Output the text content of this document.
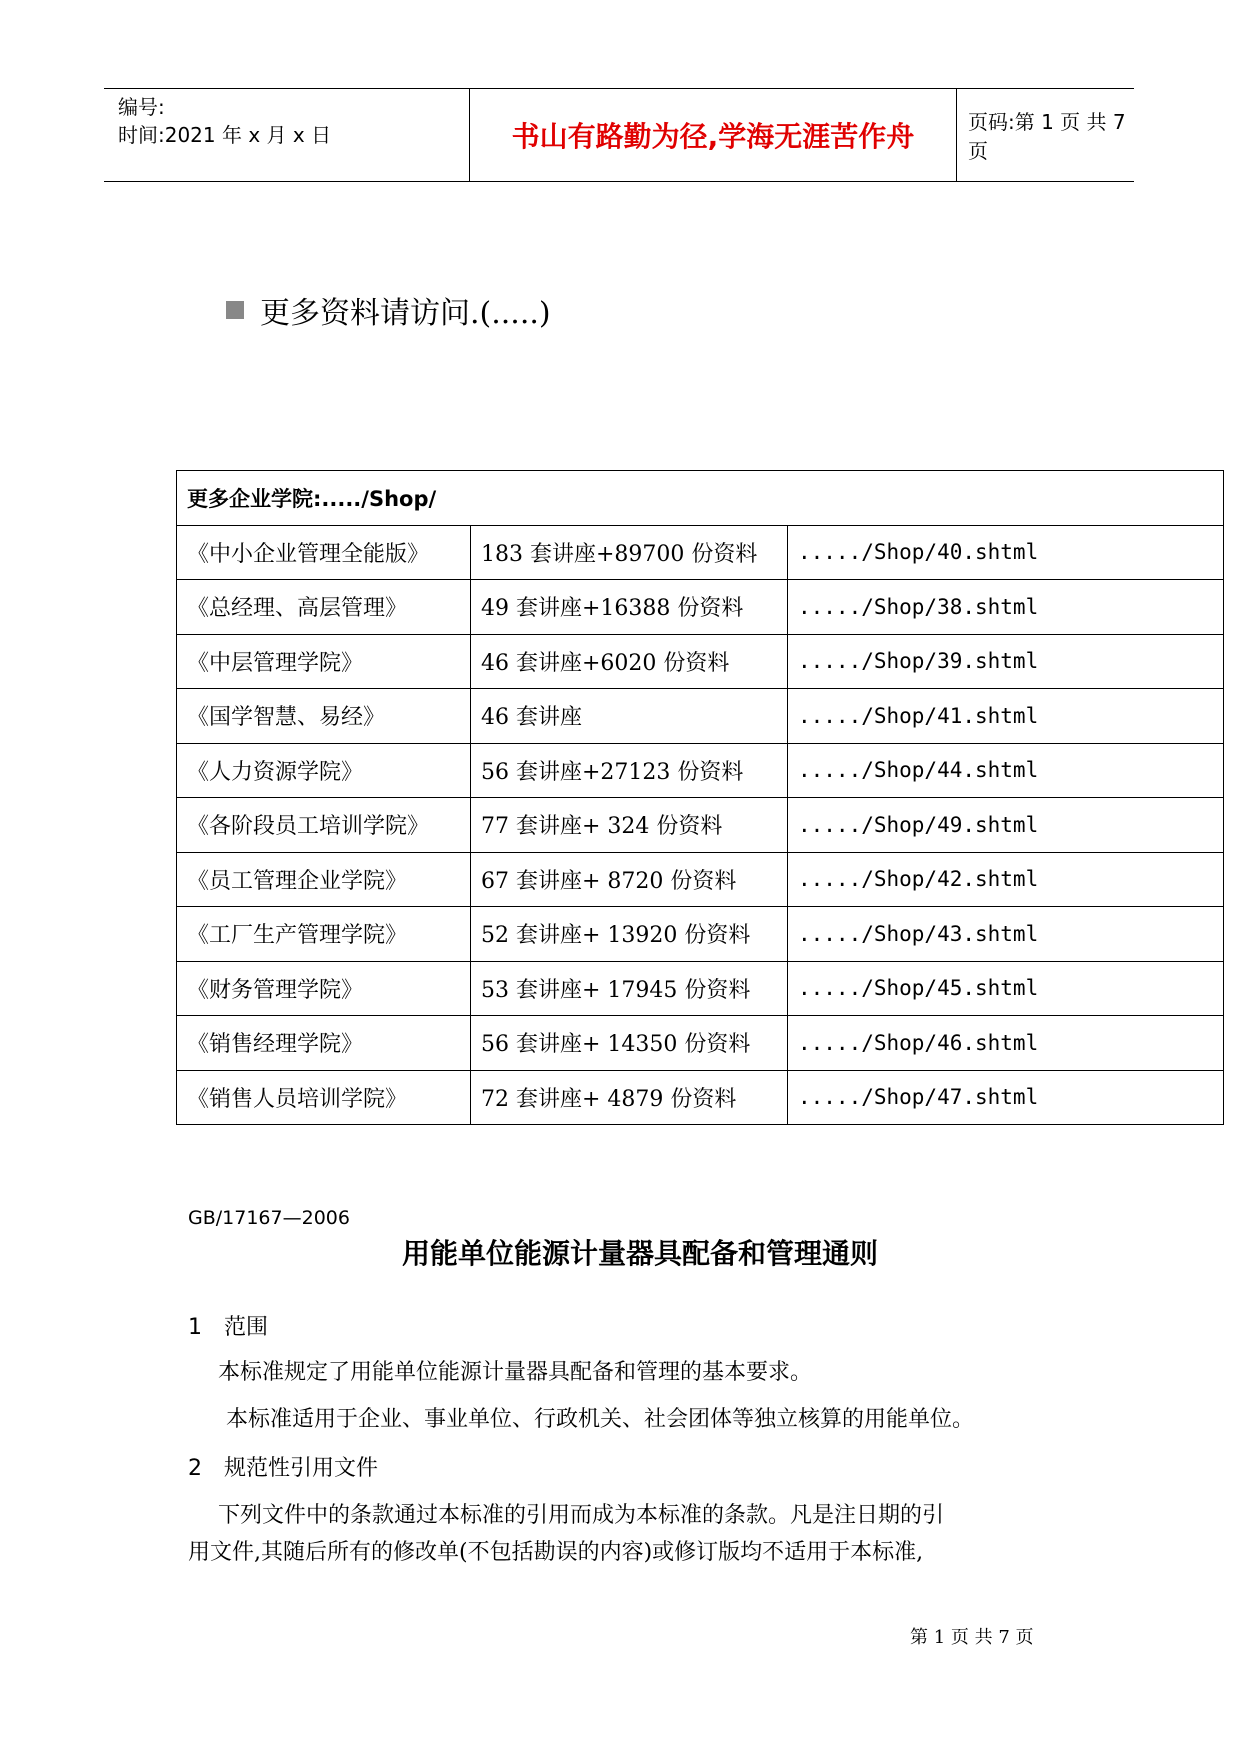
编号:
时间:2021 年 x 月 x 日	书山有路勤为径,学海无涯苦作舟	页码:第 1 页 共 7 页
更多资料请访问.(.....)
更多企业学院:...../Shop/		
《中小企业管理全能版》	183 套讲座+89700 份资料	...../Shop/40.shtml
《总经理、高层管理》	49 套讲座+16388 份资料	...../Shop/38.shtml
《中层管理学院》	46 套讲座+6020 份资料	...../Shop/39.shtml
《国学智慧、易经》	46 套讲座	...../Shop/41.shtml
《人力资源学院》	56 套讲座+27123 份资料	...../Shop/44.shtml
《各阶段员工培训学院》	77 套讲座+ 324 份资料	...../Shop/49.shtml
《员工管理企业学院》	67 套讲座+ 8720 份资料	...../Shop/42.shtml
《工厂生产管理学院》	52 套讲座+ 13920 份资料	...../Shop/43.shtml
《财务管理学院》	53 套讲座+ 17945 份资料	...../Shop/45.shtml
《销售经理学院》	56 套讲座+ 14350 份资料	...../Shop/46.shtml
《销售人员培训学院》	72 套讲座+ 4879 份资料	...../Shop/47.shtml
GB/17167—2006
用能单位能源计量器具配备和管理通则
1 范围
本标准规定了用能单位能源计量器具配备和管理的基本要求。
本标准适用于企业、事业单位、行政机关、社会团体等独立核算的用能单位。
2 规范性引用文件
下列文件中的条款通过本标准的引用而成为本标准的条款。凡是注日期的引
用文件,其随后所有的修改单(不包括勘误的内容)或修订版均不适用于本标准,
第 1 页 共 7 页
